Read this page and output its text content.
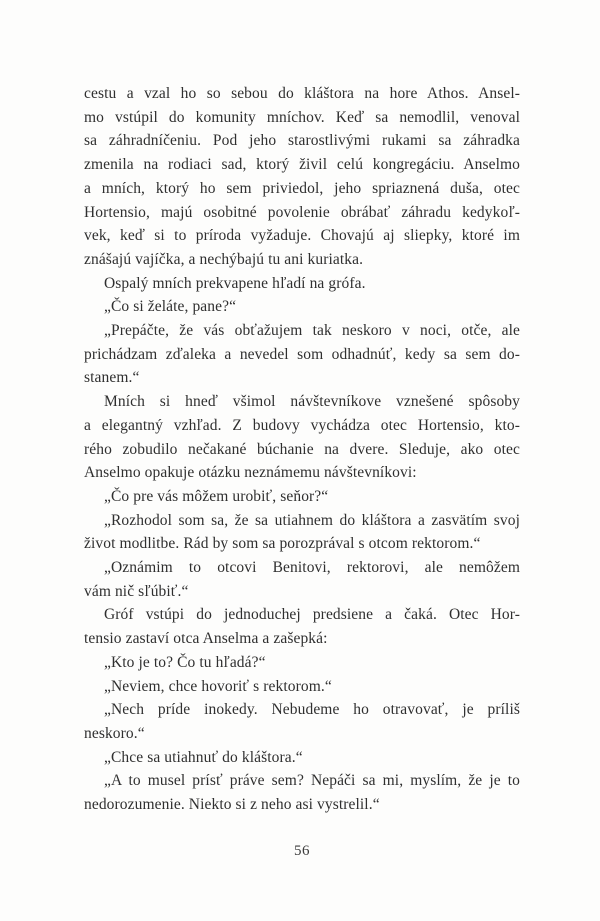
cestu a vzal ho so sebou do kláštora na hore Athos. Ansel-
mo vstúpil do komunity mníchov. Keď sa nemodlil, venoval
sa záhradníčeniu. Pod jeho starostlivými rukami sa záhradka
zmenila na rodiaci sad, ktorý živil celú kongregáciu. Anselmo
a mních, ktorý ho sem priviedol, jeho spriaznená duša, otec
Hortensio, majú osobitné povolenie obrábať záhradu kedykoľ-
vek, keď si to príroda vyžaduje. Chovajú aj sliepky, ktoré im
znášajú vajíčka, a nechýbajú tu ani kuriatka.

Ospalý mních prekvapene hľadí na grófa.

„Čo si želáte, pane?“

„Prepáčte, že vás obťažujem tak neskoro v noci, otče, ale
prichádzam zďaleka a nevedel som odhadnúť, kedy sa sem do-
stanem.“

Mních si hneď všimol návštevníkove vznešené spôsoby
a elegantný vzhľad. Z budovy vychádza otec Hortensio, kto-
rého zobudilo nečakané búchanie na dvere. Sleduje, ako otec
Anselmo opakuje otázku neznámemu návštevníkovi:

„Čo pre vás môžem urobiť, seňor?“

„Rozhodol som sa, že sa utiahnem do kláštora a zasvätím svoj
život modlitbe. Rád by som sa porozprával s otcom rektorom.“

„Oznámim to otcovi Benitovi, rektorovi, ale nemôžem
vám nič sľúbiť.“

Gróf vstúpi do jednoduchej predsiene a čaká. Otec Hor-
tensio zastaví otca Anselma a zašepká:

„Kto je to? Čo tu hľadá?“

„Neviem, chce hovoriť s rektorom.“

„Nech príde inokedy. Nebudeme ho otravovať, je príliš
neskoro.“

„Chce sa utiahnuť do kláštora.“

„A to musel prísť práve sem? Nepáči sa mi, myslím, že je to
nedorozumenie. Niekto si z neho asi vystrelil.“

56
